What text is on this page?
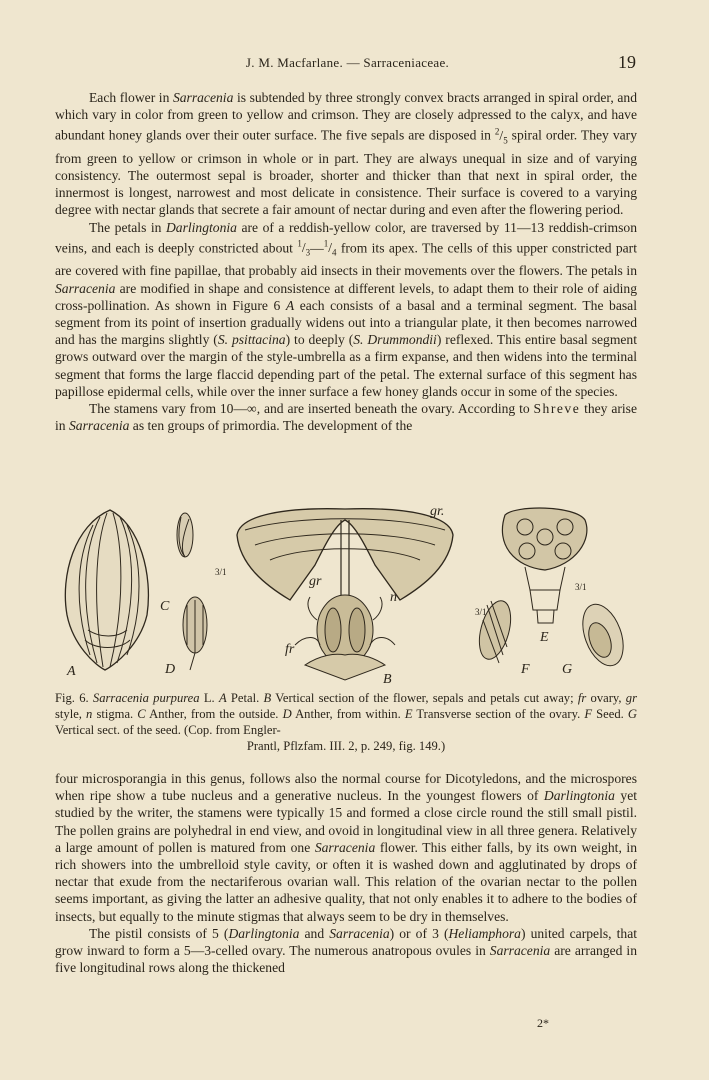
J. M. Macfarlane. — Sarraceniaceae.	19

Each flower in Sarracenia is subtended by three strongly convex bracts arranged in spiral order, and which vary in color from green to yellow and crimson. They are closely adpressed to the calyx, and have abundant honey glands over their outer surface. The five sepals are disposed in $^2/_5$ spiral order. They vary from green to yellow or crimson in whole or in part. They are always unequal in size and of varying consistency. The outermost sepal is broader, shorter and thicker than that next in spiral order, the innermost is longest, narrowest and most delicate in consistence. Their surface is covered to a varying degree with nectar glands that secrete a fair amount of nectar during and even after the flowering period.

The petals in Darlingtonia are of a reddish-yellow color, are traversed by 11—13 reddish-crimson veins, and each is deeply constricted about $^1/_3—^1/_4$ from its apex. The cells of this upper constricted part are covered with fine papillae, that probably aid insects in their movements over the flowers. The petals in Sarracenia are modified in shape and consistence at different levels, to adapt them to their role of aiding cross-pollination. As shown in Figure 6 A each consists of a basal and a terminal segment. The basal segment from its point of insertion gradually widens out into a triangular plate, it then becomes narrowed and has the margins slightly (S. psittacina) to deeply (S. Drummondii) reflexed. This entire basal segment grows outward over the margin of the style-umbrella as a firm expanse, and then widens into the terminal segment that forms the large flaccid depending part of the petal. The external surface of this segment has papillose epidermal cells, while over the inner surface a few honey glands occur in some of the species.

The stamens vary from 10—∞, and are inserted beneath the ovary. According to Shreve they arise in Sarracenia as ten groups of primordia. The development of the

A
C
D
B
E
F G
gr.
gr
n
fr
3/1
3/1
3/1
Fig. 6. Sarracenia purpurea L. A Petal. B Vertical section of the flower, sepals and petals cut away; fr ovary, gr style, n stigma. C Anther, from the outside. D Anther, from within. E Transverse section of the ovary. F Seed. G Vertical sect. of the seed. (Cop. from Engler-
Prantl, Pflzfam. III. 2, p. 249, fig. 149.)

four microsporangia in this genus, follows also the normal course for Dicotyledons, and the microspores when ripe show a tube nucleus and a generative nucleus. In the youngest flowers of Darlingtonia yet studied by the writer, the stamens were typically 15 and formed a close circle round the still small pistil. The pollen grains are polyhedral in end view, and ovoid in longitudinal view in all three genera. Relatively a large amount of pollen is matured from one Sarracenia flower. This either falls, by its own weight, in rich showers into the umbrelloid style cavity, or often it is washed down and agglutinated by drops of nectar that exude from the nectariferous ovarian wall. This relation of the ovarian nectar to the pollen seems important, as giving the latter an adhesive quality, that not only enables it to adhere to the bodies of insects, but equally to the minute stigmas that always seem to be dry in themselves.

The pistil consists of 5 (Darlingtonia and Sarracenia) or of 3 (Heliamphora) united carpels, that grow inward to form a 5—3-celled ovary. The numerous anatropous ovules in Sarracenia are arranged in five longitudinal rows along the thickened

2*
